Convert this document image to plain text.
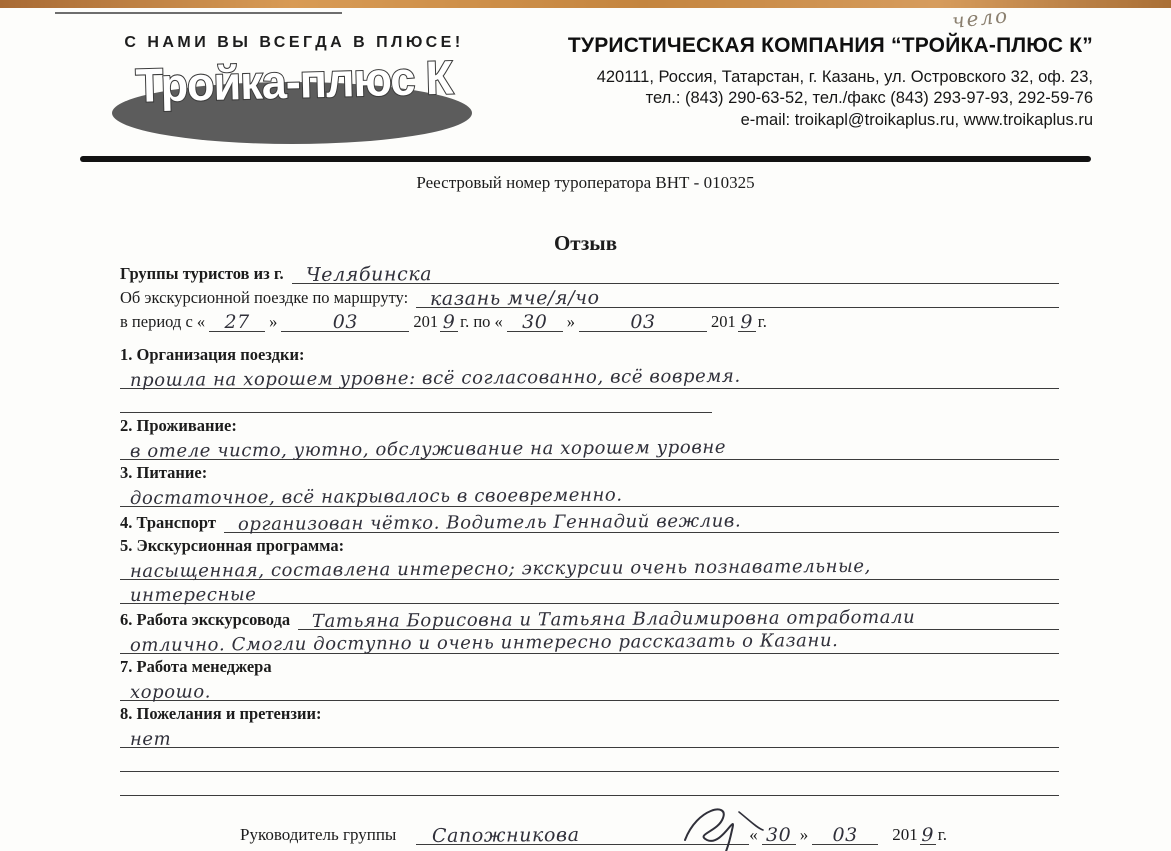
чело
С НАМИ ВЫ ВСЕГДА В ПЛЮСЕ!
Тройка-плюс К
ТУРИСТИЧЕСКАЯ КОМПАНИЯ “ТРОЙКА-ПЛЮС К”
420111, Россия, Татарстан, г. Казань, ул. Островского 32, оф. 23,
тел.: (843) 290-63-52, тел./факс (843) 293-97-93, 292-59-76
e-mail: troikapl@troikaplus.ru, www.troikaplus.ru
Реестровый номер туроператора ВНТ - 010325
Отзыв
Группы туристов из г. Челябинска
Об экскурсионной поездке по маршруту: казань мче/я/чо
в период с «	27	»	03	201 9 г. по «	30	»	03	201 9 г.
1. Организация поездки:
прошла на хорошем уровне: всё согласованно, всё вовремя.
2. Проживание:
в отеле чисто, уютно, обслуживание на хорошем уровне
3. Питание:
достаточное, всё накрывалось в своевременно.
4. Транспорт организован чётко. Водитель Геннадий вежлив.
5. Экскурсионная программа:
насыщенная, составлена интересно; экскурсии очень познавательные,
интересные
6. Работа экскурсовода Татьяна Борисовна и Татьяна Владимировна отработали
отлично. Смогли доступно и очень интересно рассказать о Казани.
7. Работа менеджера
хорошо.
8. Пожелания и претензии:
нет
Руководитель группы Сапожникова	« 30 »	03	201 9 г.
